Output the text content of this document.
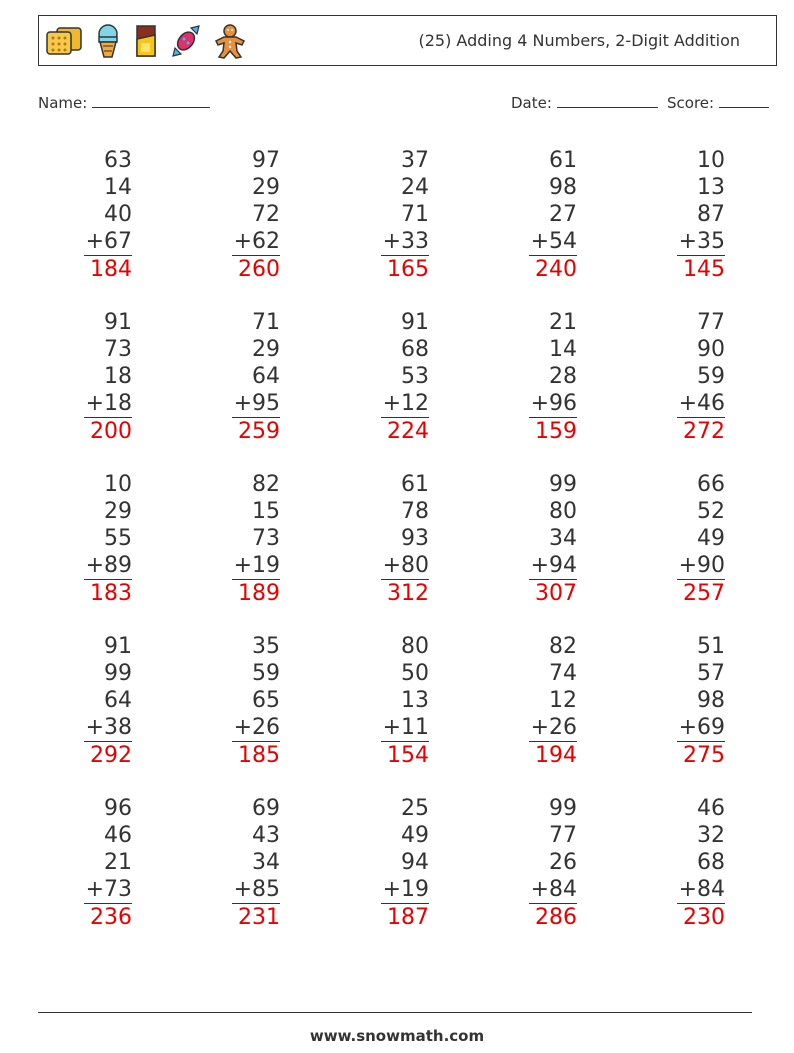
(25) Adding 4 Numbers, 2-Digit Addition
Name:	Date:	Score:
63
14
40
+67
184
97
29
72
+62
260
37
24
71
+33
165
61
98
27
+54
240
10
13
87
+35
145
91
73
18
+18
200
71
29
64
+95
259
91
68
53
+12
224
21
14
28
+96
159
77
90
59
+46
272
10
29
55
+89
183
82
15
73
+19
189
61
78
93
+80
312
99
80
34
+94
307
66
52
49
+90
257
91
99
64
+38
292
35
59
65
+26
185
80
50
13
+11
154
82
74
12
+26
194
51
57
98
+69
275
96
46
21
+73
236
69
43
34
+85
231
25
49
94
+19
187
99
77
26
+84
286
46
32
68
+84
230
www.snowmath.com
